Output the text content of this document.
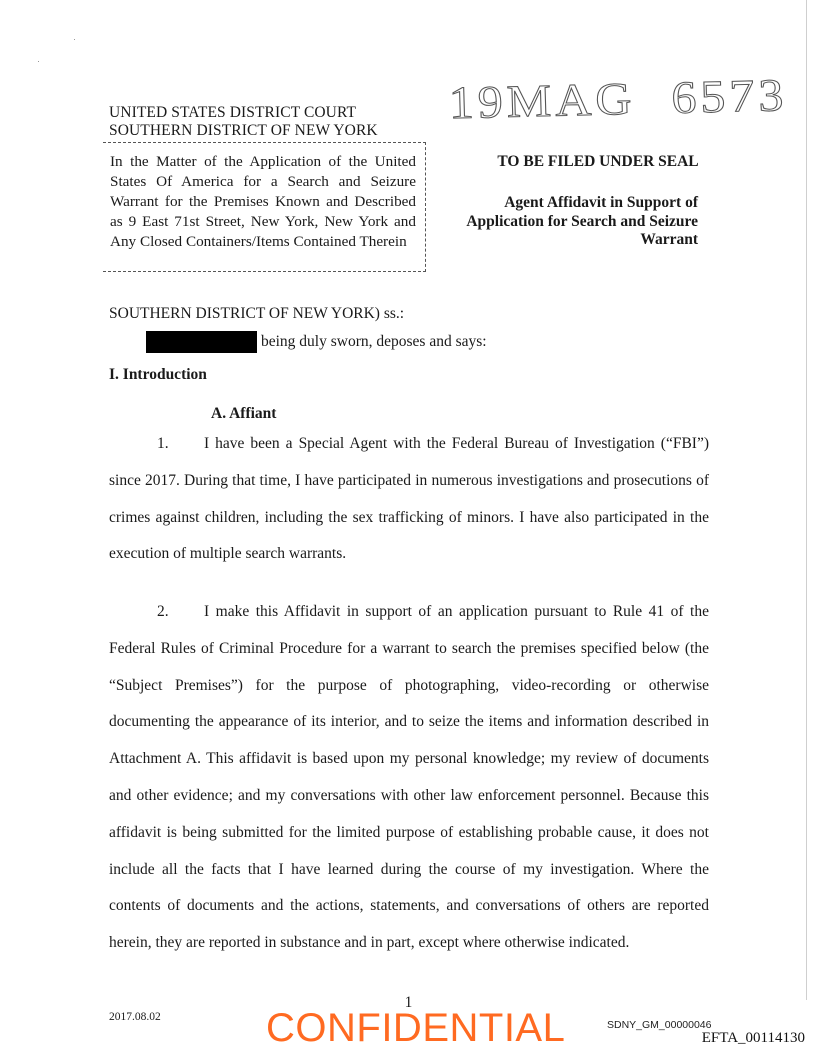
·
·
UNITED STATES DISTRICT COURT
SOUTHERN DISTRICT OF NEW YORK
19MAG 6573
In the Matter of the Application of the United States Of America for a Search and Seizure Warrant for the Premises Known and Described as 9 East 71st Street, New York, New York and Any Closed Containers/Items Contained Therein
TO BE FILED UNDER SEAL
Agent Affidavit in Support of
Application for Search and Seizure
Warrant
SOUTHERN DISTRICT OF NEW YORK) ss.:
being duly sworn, deposes and says:
I. Introduction
A. Affiant
1. I have been a Special Agent with the Federal Bureau of Investigation (“FBI”) since 2017. During that time, I have participated in numerous investigations and prosecutions of crimes against children, including the sex trafficking of minors. I have also participated in the execution of multiple search warrants.
2. I make this Affidavit in support of an application pursuant to Rule 41 of the Federal Rules of Criminal Procedure for a warrant to search the premises specified below (the “Subject Premises”) for the purpose of photographing, video-recording or otherwise documenting the appearance of its interior, and to seize the items and information described in Attachment A. This affidavit is based upon my personal knowledge; my review of documents and other evidence; and my conversations with other law enforcement personnel. Because this affidavit is being submitted for the limited purpose of establishing probable cause, it does not include all the facts that I have learned during the course of my investigation. Where the contents of documents and the actions, statements, and conversations of others are reported herein, they are reported in substance and in part, except where otherwise indicated.
1
2017.08.02	CONFIDENTIAL	SDNY_GM_00000046
EFTA_00114130
